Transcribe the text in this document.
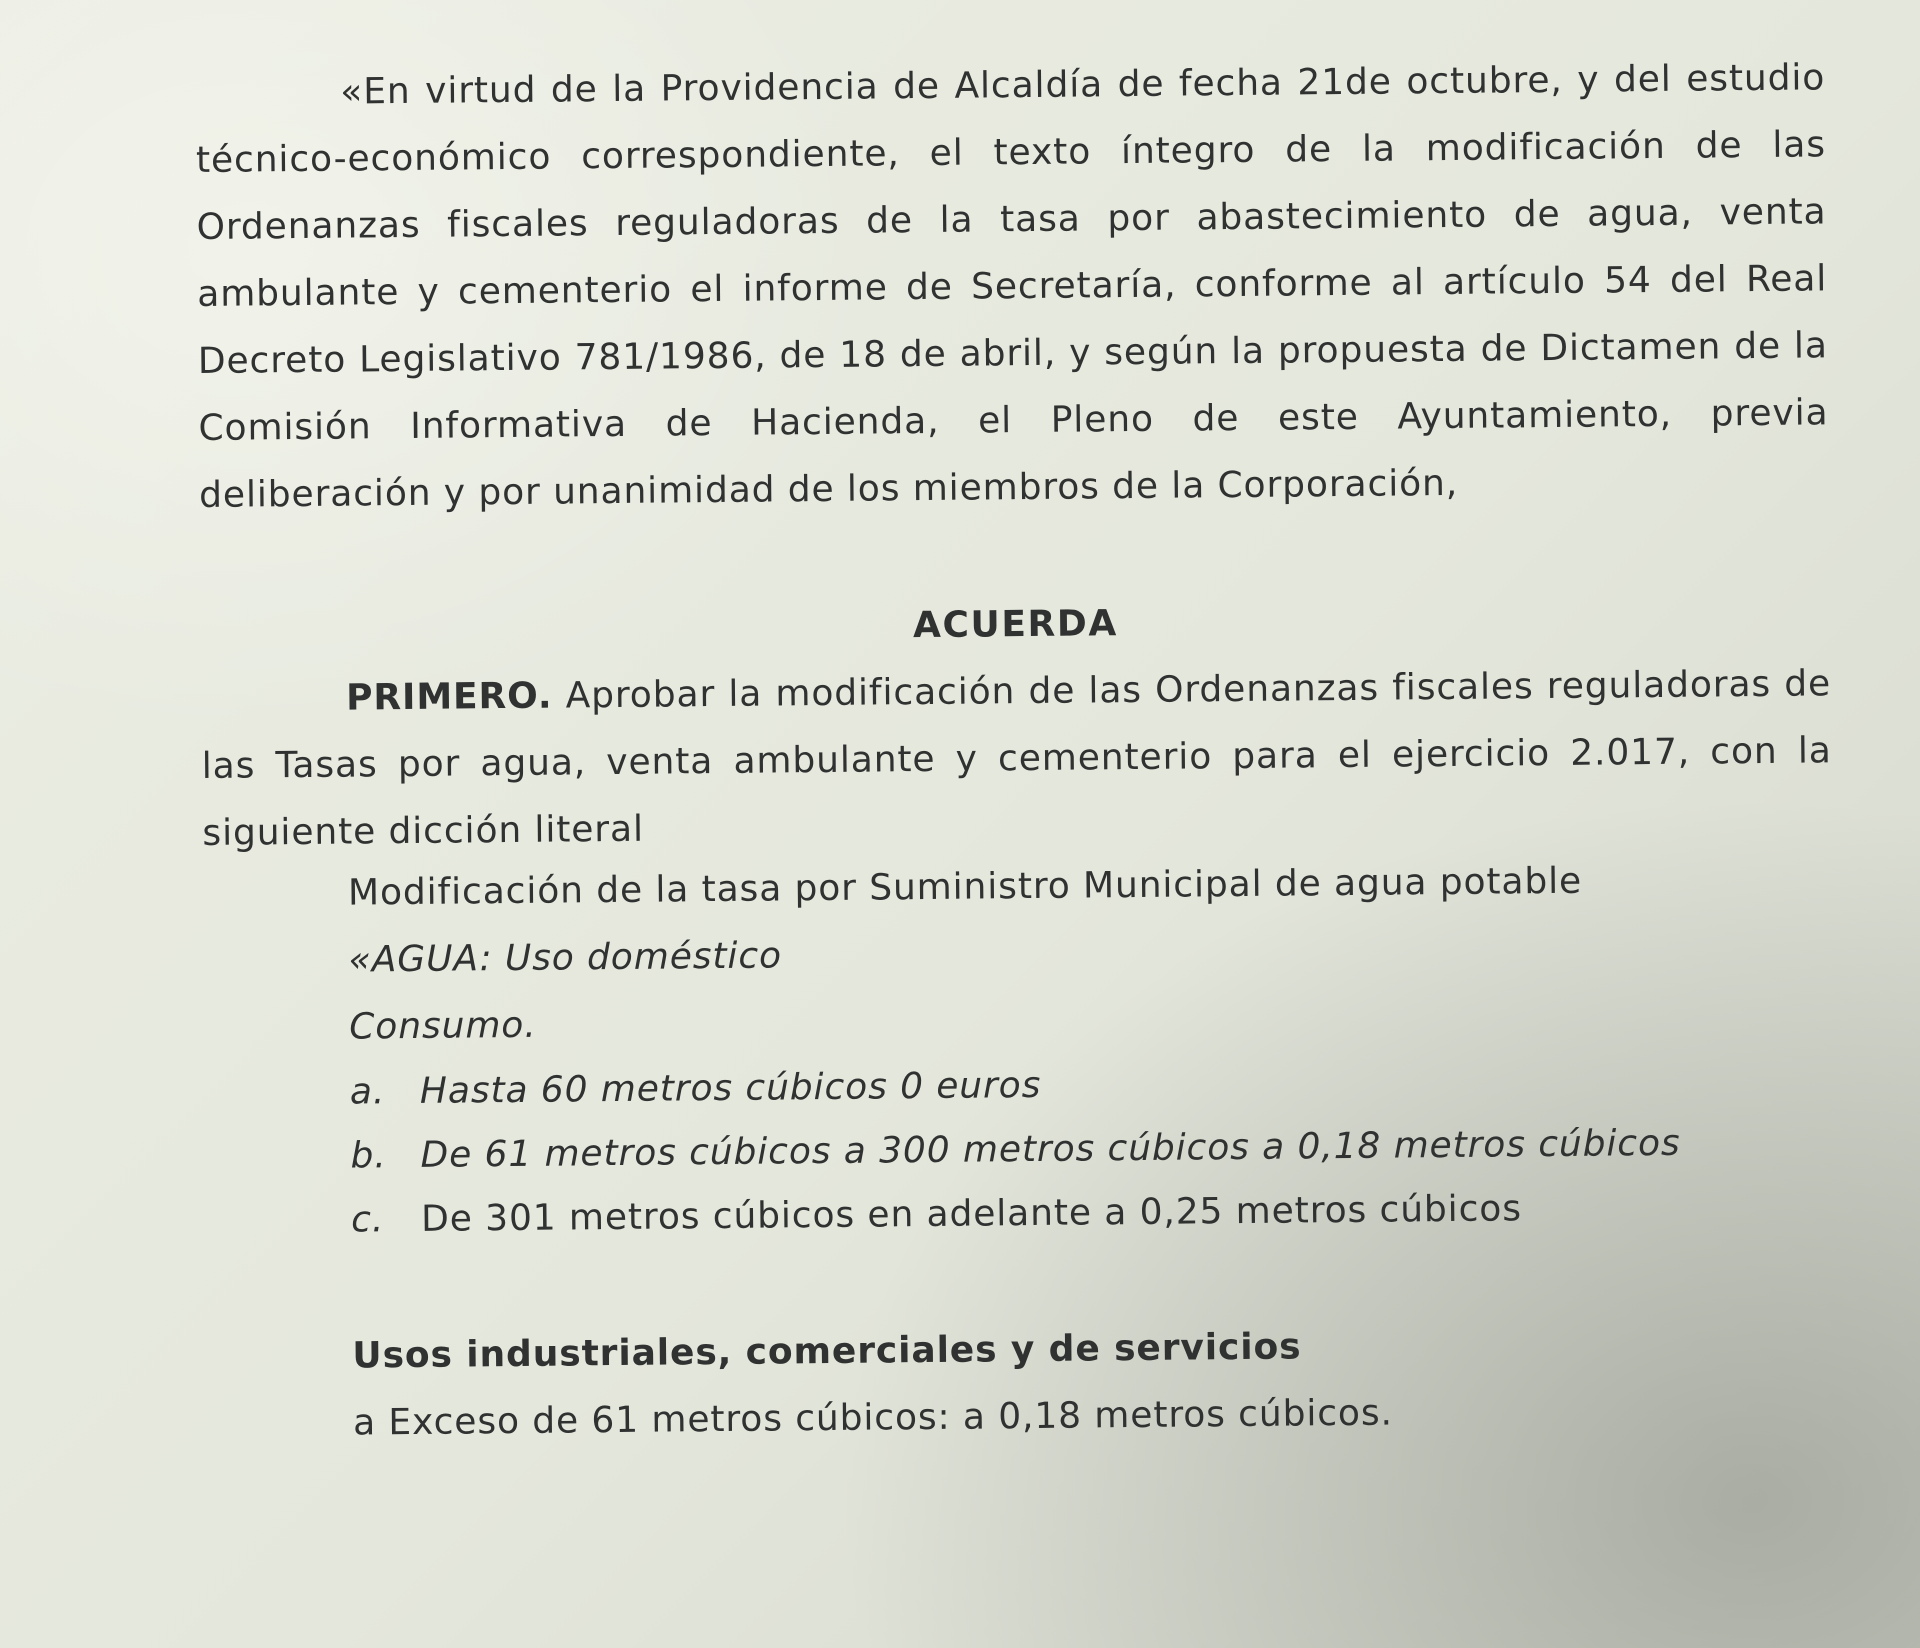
«En virtud de la Providencia de Alcaldía de fecha 21de octubre, y del estudio técnico-económico correspondiente, el texto íntegro de la modificación de las Ordenanzas fiscales reguladoras de la tasa por abastecimiento de agua, venta ambulante y cementerio el informe de Secretaría, conforme al artículo 54 del Real Decreto Legislativo 781/1986, de 18 de abril, y según la propuesta de Dictamen de la Comisión Informativa de Hacienda, el Pleno de este Ayuntamiento, previa deliberación y por unanimidad de los miembros de la Corporación,

ACUERDA

PRIMERO. Aprobar la modificación de las Ordenanzas fiscales reguladoras de las Tasas por agua, venta ambulante y cementerio para el ejercicio 2.017, con la siguiente dicción literal

Modificación de la tasa por Suministro Municipal de agua potable

«AGUA: Uso doméstico

Consumo.

a. Hasta 60 metros cúbicos 0 euros
b. De 61 metros cúbicos a 300 metros cúbicos a 0,18 metros cúbicos
c.	De 301 metros cúbicos en adelante a 0,25 metros cúbicos

Usos industriales, comerciales y de servicios

a Exceso de 61 metros cúbicos: a 0,18 metros cúbicos.
